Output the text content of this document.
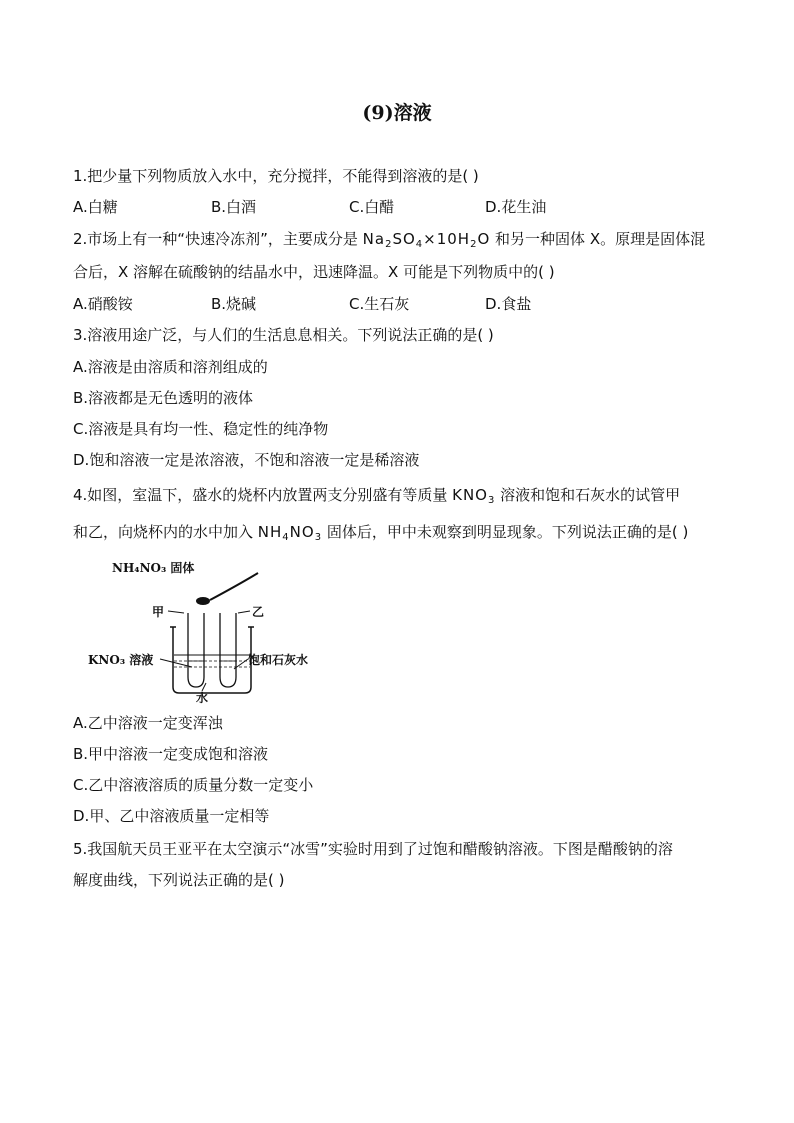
(9)溶液
1.把少量下列物质放入水中，充分搅拌，不能得到溶液的是( )
A.白糖	B.白酒	C.白醋	D.花生油
2.市场上有一种“快速冷冻剂”，主要成分是 $Na_2SO_4\times 10H_2O$ 和另一种固体 X。原理是固体混
合后，X 溶解在硫酸钠的结晶水中，迅速降温。X 可能是下列物质中的( )
A.硝酸铵	B.烧碱	C.生石灰	D.食盐
3.溶液用途广泛，与人们的生活息息相关。下列说法正确的是( )
A.溶液是由溶质和溶剂组成的
B.溶液都是无色透明的液体
C.溶液是具有均一性、稳定性的纯净物
D.饱和溶液一定是浓溶液，不饱和溶液一定是稀溶液
4.如图，室温下，盛水的烧杯内放置两支分别盛有等质量 $KNO_3$ 溶液和饱和石灰水的试管甲
和乙，向烧杯内的水中加入 $NH_4NO_3$ 固体后，甲中未观察到明显现象。下列说法正确的是( )
NH₄NO₃ 固体
甲	乙
KNO₃ 溶液	饱和石灰水
水
A.乙中溶液一定变浑浊
B.甲中溶液一定变成饱和溶液
C.乙中溶液溶质的质量分数一定变小
D.甲、乙中溶液质量一定相等
5.我国航天员王亚平在太空演示“冰雪”实验时用到了过饱和醋酸钠溶液。下图是醋酸钠的溶
解度曲线，下列说法正确的是( )
